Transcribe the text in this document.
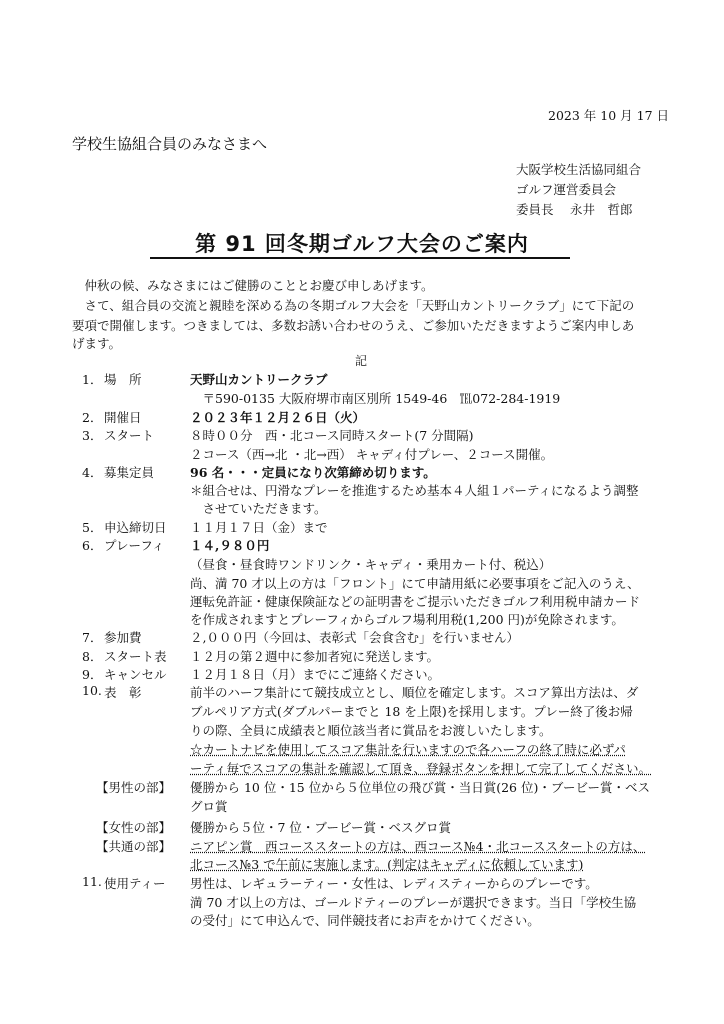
2023 年 10 月 17 日
学校生協組合員のみなさまへ
大阪学校生活協同組合
ゴルフ運営委員会
委員長　 永井　哲郎
第 91 回冬期ゴルフ大会のご案内
　仲秋の候、みなさまにはご健勝のこととお慶び申しあげます。
　さて、組合員の交流と親睦を深める為の冬期ゴルフ大会を「天野山カントリークラブ」にて下記の
要項で開催します。つきましては、多数お誘い合わせのうえ、ご参加いただきますようご案内申しあ
げます。
記
1． 場　所	天野山カントリークラブ
　〒590-0135 大阪府堺市南区別所 1549-46　℡072-284-1919
2． 開催日	２０２３年１２月２６日（火）
3． スタート	８時００分　西・北コース同時スタート(7 分間隔)
２コース（西→北 ・北→西） キャディ付プレー、２コース開催。
4． 募集定員	96 名・・・定員になり次第締め切ります。
＊組合せは、円滑なプレーを推進するため基本４人組１パーティになるよう調整
　させていただきます。
5． 申込締切日 １１月１７日（金）まで
6． プレーフィ １４,９８０円
（昼食・昼食時ワンドリンク・キャディ・乗用カート付、税込）
尚、満 70 才以上の方は「フロント」にて申請用紙に必要事項をご記入のうえ、
運転免許証・健康保険証などの証明書をご提示いただきゴルフ利用税申請カード
を作成されますとプレーフィからゴルフ場利用税(1,200 円)が免除されます。
7． 参加費	２,０００円（今回は、表彰式「会食含む」を行いません）
8． スタート表 １２月の第２週中に参加者宛に発送します。
9． キャンセル １２月１８日（月）までにご連絡ください。
10. 表　彰	前半のハーフ集計にて競技成立とし、順位を確定します。スコア算出方法は、ダ
ブルペリア方式(ダブルパーまでと 18 を上限)を採用します。プレー終了後お帰
りの際、全員に成績表と順位該当者に賞品をお渡しいたします。
☆カートナビを使用してスコア集計を行いますので各ハーフの終了時に必ずパ
ーティ毎でスコアの集計を確認して頂き、登録ボタンを押して完了してください。
【男性の部】 優勝から 10 位・15 位から５位単位の飛び賞・当日賞(26 位)・ブービー賞・ベス
グロ賞
【女性の部】 優勝から５位・7 位・ブービー賞・ベスグロ賞
【共通の部】 ニアピン賞　西コーススタートの方は、西コース№4・北コーススタートの方は、
北コース№3 で午前に実施します。(判定はキャディに依頼しています)
11. 使用ティー 男性は、レギュラーティー・女性は、レディスティーからのプレーです。
満 70 才以上の方は、ゴールドティーのプレーが選択できます。当日「学校生協
の受付」にて申込んで、同伴競技者にお声をかけてください。
